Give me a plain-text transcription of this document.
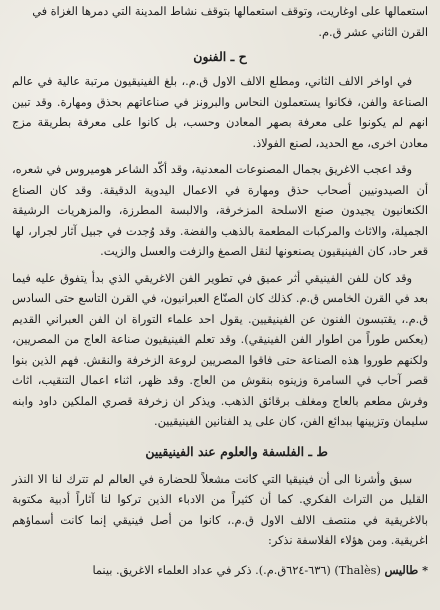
استعمالها على اوغاريت، وتوقف استعمالها بتوقف نشاط المدينة التي دمرها الغزاة في
القرن الثاني عشر ق.م.
ح ـ الفنون

في اواخر الالف الثاني، ومطلع الالف الاول ق.م.، بلغ الفينيقيون مرتبة عالية في عالم الصناعة والفن، فكانوا يستعملون النحاس والبرونز في صناعاتهم بحذق ومهارة. وقد تبين انهم لم يكونوا على معرفة بصهر المعادن وحسب، بل كانوا على معرفة بطريقة مزج معادن اخرى، مع الحديد، لصنع الفولاذ.

وقد اعجب الاغريق بجمال المصنوعات المعدنية، وقد أكّد الشاعر هوميروس في شعره، أن الصيدونيين أصحاب حذق ومهارة في الاعمال اليدوية الدقيقة. وقد كان الصناع الكنعانيون يجيدون صنع الاسلحة المزخرفة، والالبسة المطرزة، والمزهريات الرشيقة الجميلة، والاثاث والمركبات المطعمة بالذهب والفضة. وقد وُجدت في جبيل آثار لجرار، لها قعر حاد، كان الفينيقيون يصنعونها لنقل الصمغ والزفت والعسل والزيت.

وقد كان للفن الفينيقي أثر عميق في تطوير الفن الاغريقي الذي بدأ يتفوق عليه فيما بعد في القرن الخامس ق.م. كذلك كان الصنّاع العبرانيون، في القرن التاسع حتى السادس ق.م.، يقتبسون الفنون عن الفينيقيين. يقول احد علماء التوراة ان الفن العبراني القديم (يعكس طوراً من اطوار الفن الفينيقي). وقد تعلم الفينيقيون صناعة العاج من المصريين، ولكنهم طوروا هذه الصناعة حتى فاقوا المصريين لروعة الزخرفة والنقش. فهم الذين بنوا قصر آحاب في السامرة وزينوه بنقوش من العاج. وقد ظهر، اثناء اعمال التنقيب، اثاث وفرش مطعم بالعاج ومغلف برقائق الذهب. ويذكر ان زخرفة قصري الملكين داود وابنه سليمان وتزيينها ببدائع الفن، كان على يد الفنانين الفينيقيين.

ط ـ الفلسفة والعلوم عند الفينيقيين

سبق وأشرنا الى أن فينيقيا التي كانت مشعلاً للحضارة في العالم لم تترك لنا الا النذر القليل من التراث الفكري. كما أن كثيراً من الادباء الذين تركوا لنا آثاراً أدبية مكتوبة بالاغريقية في منتصف الالف الاول ق.م.، كانوا من أصل فينيقي إنما كانت أسماؤهم اغريقية. ومن هؤلاء الفلاسفة نذكر:

* طاليس (Thalès) (٦٣٦-٦٢٤ق.م.). ذكر في عداد العلماء الاغريق. بينما
